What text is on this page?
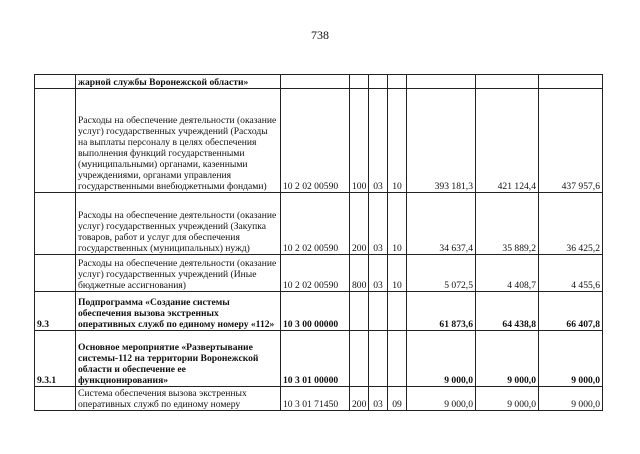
738
	жарной службы Воронежской области»							
	Расходы на обеспечение деятельности (оказание услуг) государственных учреждений (Расходы на выплаты персоналу в целях обеспечения выполнения функций государственными (муниципальными) органами, казенными учреждениями, органами управления государственными внебюджетными фондами)	10 2 02 00590	100	03	10	393 181,3	421 124,4	437 957,6
	Расходы на обеспечение деятельности (оказание услуг) государственных учреждений (Закупка товаров, работ и услуг для обеспечения государственных (муниципальных) нужд)	10 2 02 00590	200	03	10	34 637,4	35 889,2	36 425,2
	Расходы на обеспечение деятельности (оказание услуг) государственных учреждений (Иные бюджетные ассигнования)	10 2 02 00590	800	03	10	5 072,5	4 408,7	4 455,6
9.3	Подпрограмма «Создание системы обеспечения вызова экстренных оперативных служб по единому номеру «112»	10 3 00 00000				61 873,6	64 438,8	66 407,8
9.3.1	Основное мероприятие «Развертывание системы-112 на территории Воронежской области и обеспечение ее функционирования»	10 3 01 00000				9 000,0	9 000,0	9 000,0
	Система обеспечения вызова экстренных оперативных служб по единому номеру	10 3 01 71450	200	03	09	9 000,0	9 000,0	9 000,0
